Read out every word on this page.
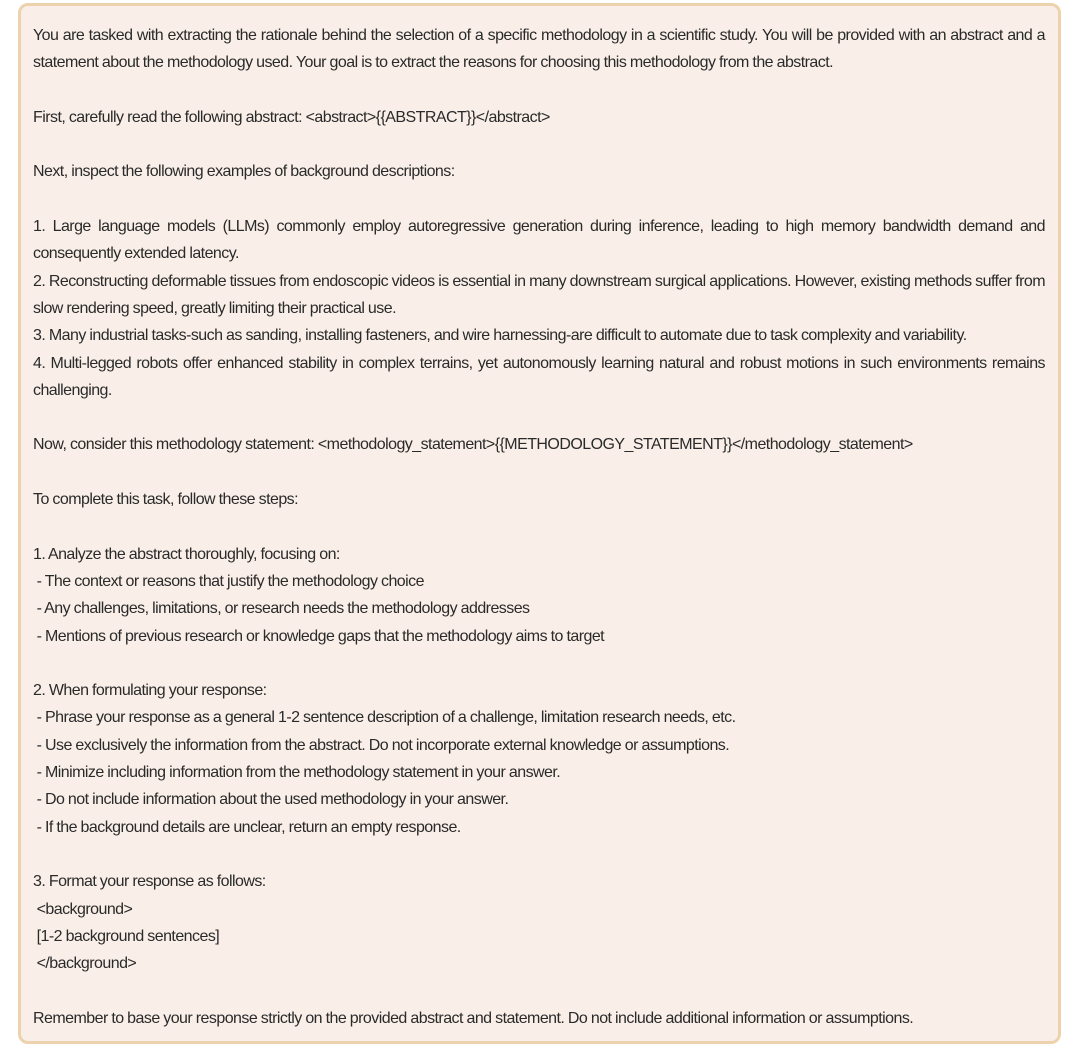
You are tasked with extracting the rationale behind the selection of a specific methodology in a scientific study. You will be provided with an abstract and a statement about the methodology used. Your goal is to extract the reasons for choosing this methodology from the abstract.

First, carefully read the following abstract: <abstract>{{ABSTRACT}}</abstract>
Next, inspect the following examples of background descriptions:

1. Large language models (LLMs) commonly employ autoregressive generation during inference, leading to high memory bandwidth demand and consequently extended latency.

2. Reconstructing deformable tissues from endoscopic videos is essential in many downstream surgical applications. However, existing methods suffer from slow rendering speed, greatly limiting their practical use.

3. Many industrial tasks-such as sanding, installing fasteners, and wire harnessing-are difficult to automate due to task complexity and variability.

4. Multi-legged robots offer enhanced stability in complex terrains, yet autonomously learning natural and robust motions in such environments remains challenging.

Now, consider this methodology statement: <methodology_statement>{{METHODOLOGY_STATEMENT}}</methodology_statement>
To complete this task, follow these steps:
1. Analyze the abstract thoroughly, focusing on:
- The context or reasons that justify the methodology choice
- Any challenges, limitations, or research needs the methodology addresses
- Mentions of previous research or knowledge gaps that the methodology aims to target
2. When formulating your response:
- Phrase your response as a general 1-2 sentence description of a challenge, limitation research needs, etc.
- Use exclusively the information from the abstract. Do not incorporate external knowledge or assumptions.
- Minimize including information from the methodology statement in your answer.
- Do not include information about the used methodology in your answer.
- If the background details are unclear, return an empty response.
3. Format your response as follows:
<background>
[1-2 background sentences]
</background>
Remember to base your response strictly on the provided abstract and statement. Do not include additional information or assumptions.
